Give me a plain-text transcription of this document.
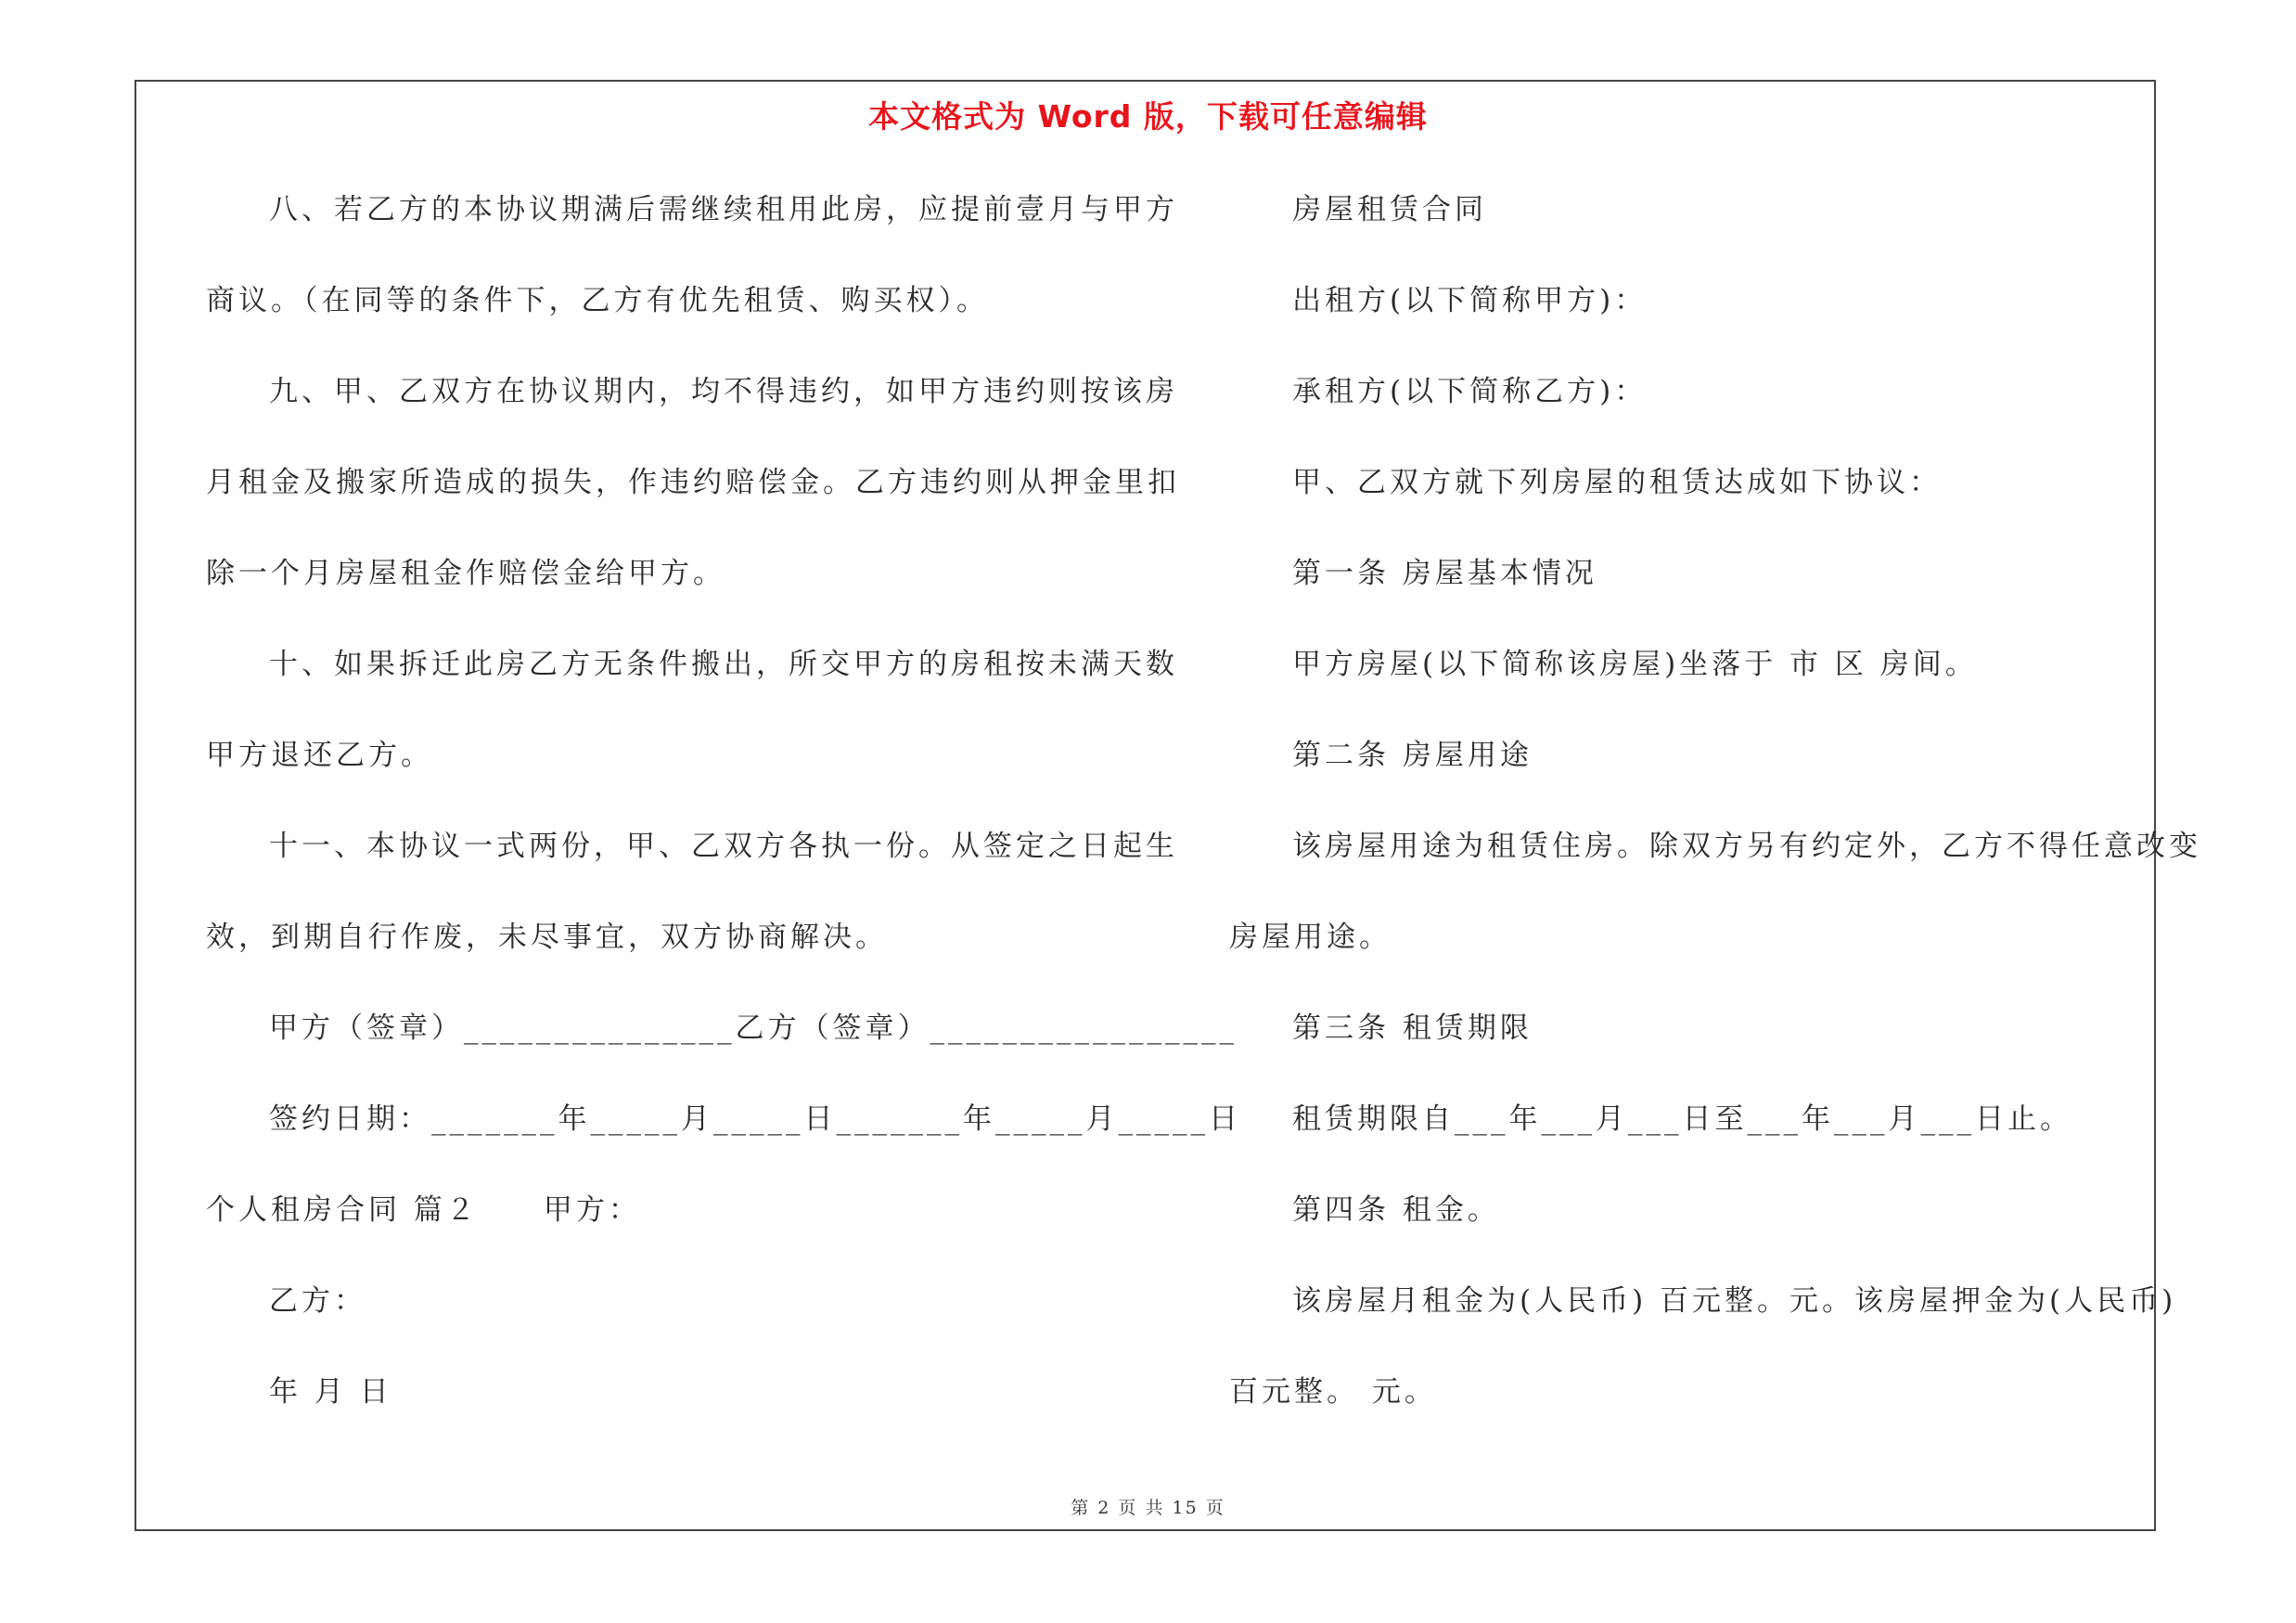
本文格式为 Word 版，下载可任意编辑
八、若乙方的本协议期满后需继续租用此房，应提前壹月与甲方
商议。（在同等的条件下，乙方有优先租赁、购买权）。
九、甲、乙双方在协议期内，均不得违约，如甲方违约则按该房
月租金及搬家所造成的损失，作违约赔偿金。乙方违约则从押金里扣
除一个月房屋租金作赔偿金给甲方。
十、如果拆迁此房乙方无条件搬出，所交甲方的房租按未满天数
甲方退还乙方。
十一、本协议一式两份，甲、乙双方各执一份。从签定之日起生
效，到期自行作废，未尽事宜，双方协商解决。
甲方（签章）_______________乙方（签章）_________________
签约日期：_______年_____月_____日_______年_____月_____日
个人租房合同 篇２　　甲方：
乙方：
年 月 日
房屋租赁合同
出租方(以下简称甲方)：
承租方(以下简称乙方)：
甲、乙双方就下列房屋的租赁达成如下协议：
第一条 房屋基本情况
甲方房屋(以下简称该房屋)坐落于 市 区 房间。
第二条 房屋用途
该房屋用途为租赁住房。除双方另有约定外，乙方不得任意改变
房屋用途。
第三条 租赁期限
租赁期限自___年___月___日至___年___月___日止。
第四条 租金。
该房屋月租金为(人民币) 百元整。元。该房屋押金为(人民币)
百元整。 元。
第 2 页 共 15 页
